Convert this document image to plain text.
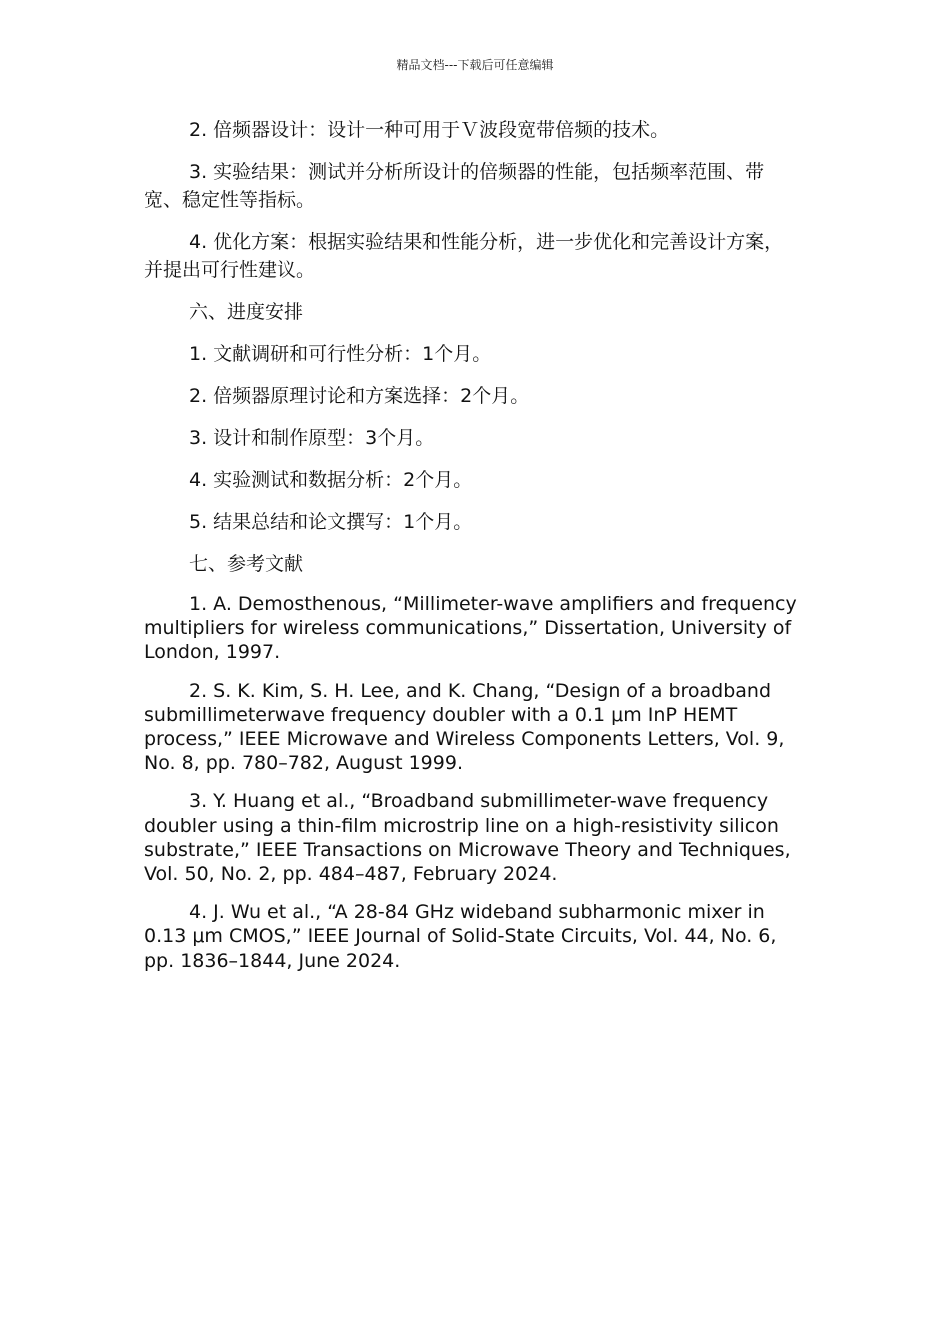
精品文档---下载后可任意编辑

2. 倍频器设计：设计一种可用于Ｖ波段宽带倍频的技术。

3. 实验结果：测试并分析所设计的倍频器的性能，包括频率范围、带宽、稳定性等指标。

4. 优化方案：根据实验结果和性能分析，进一步优化和完善设计方案，并提出可行性建议。

六、进度安排

1. 文献调研和可行性分析：1个月。

2. 倍频器原理讨论和方案选择：2个月。

3. 设计和制作原型：3个月。

4. 实验测试和数据分析：2个月。

5. 结果总结和论文撰写：1个月。

七、参考文献

1. A. Demosthenous, “Millimeter-wave amplifiers and frequency multipliers for wireless communications,” Dissertation, University of London, 1997.

2. S. K. Kim, S. H. Lee, and K. Chang, “Design of a broadband submillimeterwave frequency doubler with a 0.1 μm InP HEMT process,” IEEE Microwave and Wireless Components Letters, Vol. 9, No. 8, pp. 780–782, August 1999.

3. Y. Huang et al., “Broadband submillimeter-wave frequency doubler using a thin-film microstrip line on a high-resistivity silicon substrate,” IEEE Transactions on Microwave Theory and Techniques, Vol. 50, No. 2, pp. 484–487, February 2024.

4. J. Wu et al., “A 28-84 GHz wideband subharmonic mixer in 0.13 μm CMOS,” IEEE Journal of Solid-State Circuits, Vol. 44, No. 6, pp. 1836–1844, June 2024.
